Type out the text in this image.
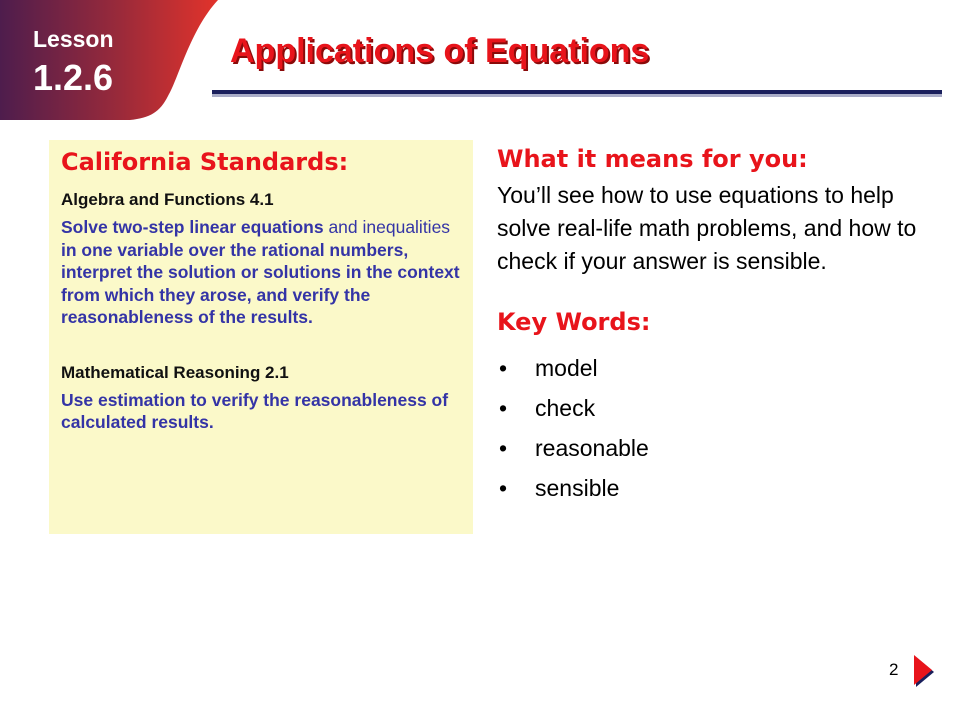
Lesson
1.2.6
Applications of Equations
California Standards:

Algebra and Functions 4.1

Solve two-step linear equations and inequalities in one variable over the rational numbers, interpret the solution or solutions in the context from which they arose, and verify the reasonableness of the results.

Mathematical Reasoning 2.1

Use estimation to verify the reasonableness of calculated results.

What it means for you:

You’ll see how to use equations to help solve real-life math problems, and how to check if your answer is sensible.

Key Words:
•	model
•	check
•	reasonable
•	sensible
2
